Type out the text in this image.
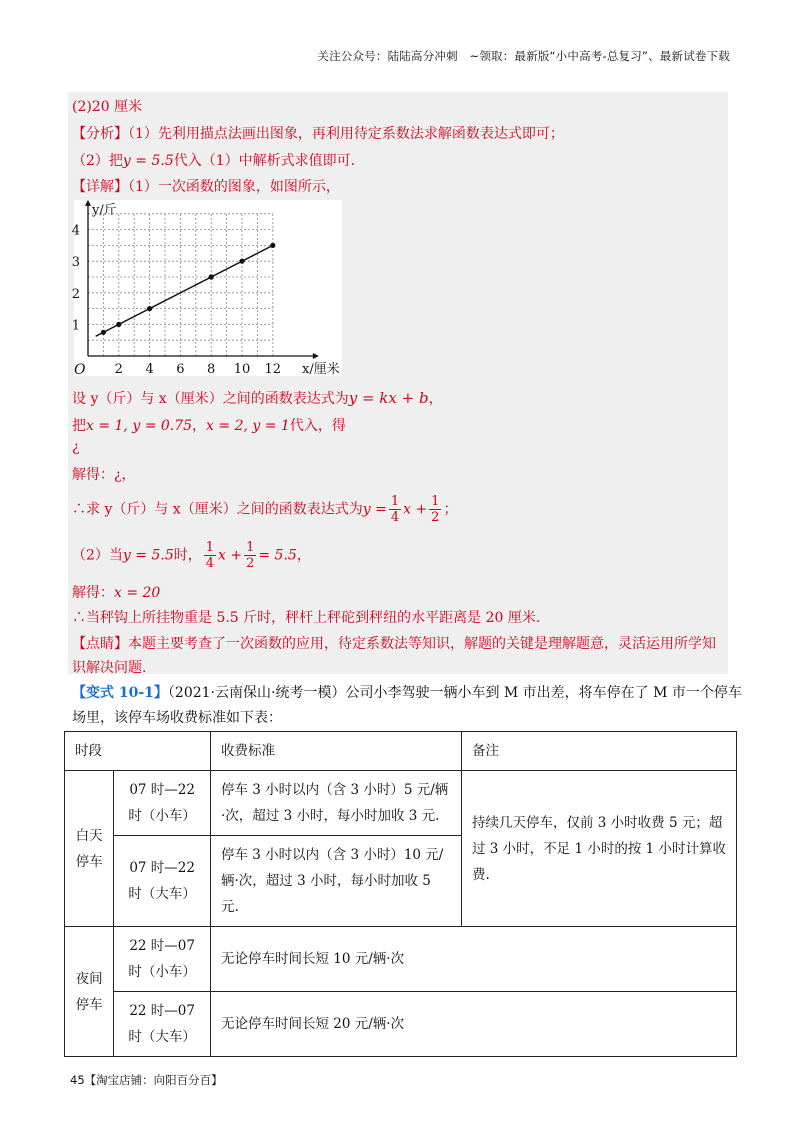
关注公众号：陆陆高分冲刺　~领取：最新版“小中高考-总复习”、最新试卷下载
(2)20 厘米
【分析】（1）先利用描点法画出图象，再利用待定系数法求解函数表达式即可；
（2）把y = 5.5代入（1）中解析式求值即可.
【详解】（1）一次函数的图象，如图所示，
2 4 6 8 10 12
1
2
3
4
O	x/厘米
y/斤
设 y（斤）与 x（厘米）之间的函数表达式为y = kx + b，
把x = 1, y = 0.75，x = 2, y = 1代入，得
¿
解得：¿，
∴求 y（斤）与 x（厘米）之间的函数表达式为$y = \frac{1}{4}$ $x + \frac{1}{2}$ ；
（2）当y = 5.5时， $\frac{1}{4}$ $x + \frac{1}{2} = 5.5$，
解得：x = 20
∴当秤钩上所挂物重是 5.5 斤时，秤杆上秤砣到秤纽的水平距离是 20 厘米.
【点睛】本题主要考查了一次函数的应用，待定系数法等知识，解题的关键是理解题意，灵活运用所学知
识解决问题.
【变式 10-1】（2021·云南保山·统考一模）公司小李驾驶一辆小车到 M 市出差，将车停在了 M 市一个停车
场里，该停车场收费标准如下表：
时段		收费标准	备注
白天停车	07 时—22 时（小车）	停车 3 小时以内（含 3 小时）5 元/辆·次，超过 3 小时，每小时加收 3 元.	持续几天停车，仅前 3 小时收费 5 元；超过 3 小时，不足 1 小时的按 1 小时计算收费.
	07 时—22 时（大车）	停车 3 小时以内（含 3 小时）10 元/辆·次，超过 3 小时，每小时加收 5 元.	
夜间停车	22 时—07 时（小车）	无论停车时间长短 10 元/辆·次	
	22 时—07 时（大车）	无论停车时间长短 20 元/辆·次	
45【淘宝店铺：向阳百分百】
